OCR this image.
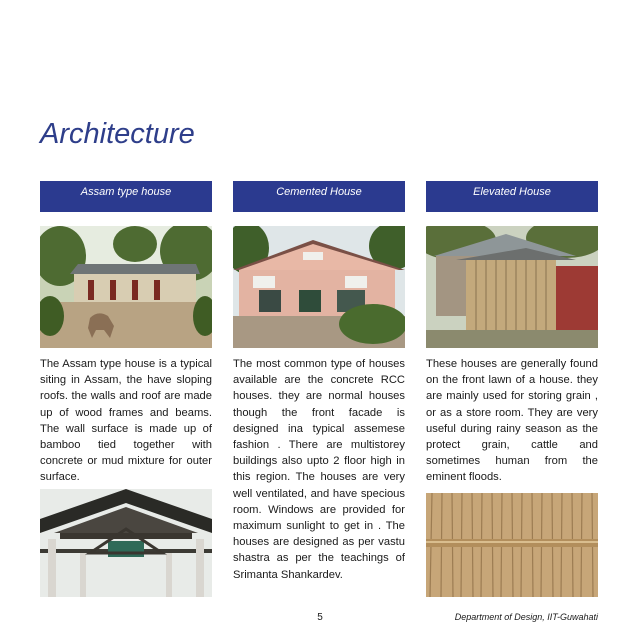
Architecture
Assam type house

The Assam type house is a typical siting in Assam, the have sloping roofs. the walls and roof are made up of wood frames and beams. The wall surface is made up of bamboo tied together with concrete or mud mixture for outer surface.

Cemented House

The most common type of houses available are the concrete RCC houses. they are normal houses though the front facade is designed ina typical assemese fashion . There are multistorey buildings also upto 2 floor high in this region. The houses are very well ventilated, and have specious room. Windows are provided for maximum sunlight to get in . The houses are designed as per vastu shastra as per the teachings of Srimanta Shankardev.

Elevated House

These houses are generally found on the front lawn of a house. they are mainly used for storing grain , or as a store room. They are very useful during rainy season as the protect grain, cattle and sometimes human from the eminent floods.

5	Department of Design, IIT-Guwahati
